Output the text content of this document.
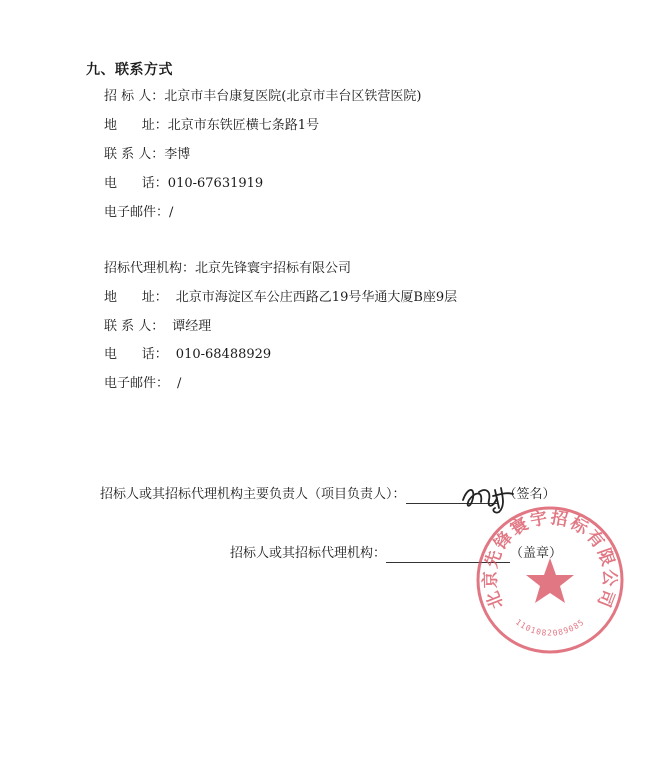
九、联系方式
招 标 人：北京市丰台康复医院(北京市丰台区铁营医院)
地      址：北京市东铁匠横七条路1号
联 系 人：李博
电      话：010-67631919
电子邮件：/
招标代理机构：北京先锋寰宇招标有限公司
地      址： 北京市海淀区车公庄西路乙19号华通大厦B座9层
联 系 人： 谭经理
电      话： 010-68488929
电子邮件： /
招标人或其招标代理机构主要负责人（项目负责人）：	（签名）
招标人或其招标代理机构：	（盖章）
北京先锋寰宇招标有限公司
1101082089085
